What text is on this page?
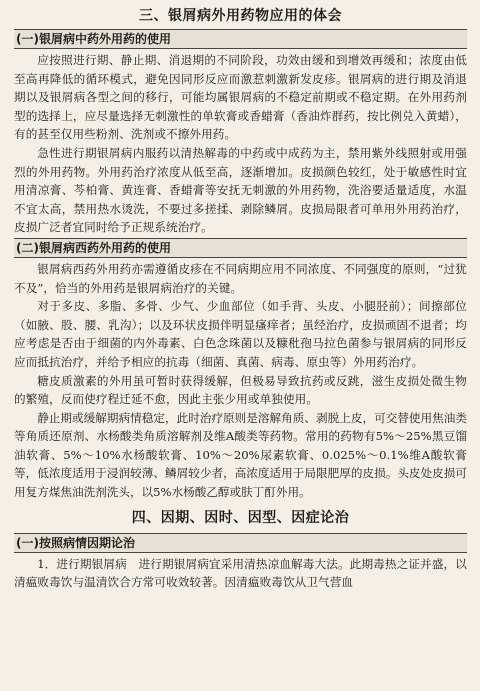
三、银屑病外用药物应用的体会
(一)银屑病中药外用药的使用

应按照进行期、静止期、消退期的不同阶段，功效由缓和到增效再缓和；浓度由低至高再降低的循环模式，避免因同形反应而激惹刺激新发皮疹。银屑病的进行期及消退期以及银屑病各型之间的移行，可能均属银屑病的不稳定前期或不稳定期。在外用药剂型的选择上，应尽量选择无刺激性的单软膏或香蜡膏（香油炸群药，按比例兑入黄蜡），有的甚至仅用些粉剂、洗剂或不擦外用药。

急性进行期银屑病内服药以清热解毒的中药或中成药为主，禁用紫外线照射或用强烈的外用药物。外用药治疗浓度从低至高，逐渐增加。皮损颜色较红，处于敏感性时宜用清凉膏、芩柏膏、黄连膏、香蜡膏等安抚无刺激的外用药物，洗浴要适量适度，水温不宜太高，禁用热水烫洗，不要过多搓揉、剥除鳞屑。皮损局限者可单用外用药治疗，皮损广泛者宜同时给予正规系统治疗。

(二)银屑病西药外用药的使用

银屑病西药外用药亦需遵循皮疹在不同病期应用不同浓度、不同强度的原则，“过犹不及”，恰当的外用药是银屑病治疗的关键。

对于多皮、多脂、多骨、少气、少血部位（如手背、头皮、小腿胫前）；间擦部位（如腋、股、腰、乳沟）；以及环状皮损伴明显瘙痒者；虽经治疗，皮损顽固不退者；均应考虑是否由于细菌的内外毒素、白色念珠菌以及糠秕孢马拉色菌参与银屑病的同形反应而抵抗治疗，并给予相应的抗毒（细菌、真菌、病毒、原虫等）外用药治疗。

糖皮质激素的外用虽可暂时获得缓解，但极易导致抗药或反跳，滋生皮损处微生物的繁殖，反而使疗程迁延不愈，因此主张少用或单独使用。

静止期或缓解期病情稳定，此时治疗原则是溶解角质、剥脱上皮，可交替使用焦油类等角质还原剂、水杨酸类角质溶解剂及维A酸类等药物。常用的药物有5%～25%黑豆馏油软膏、5%～10%水杨酸软膏、10%～20%尿素软膏、0.025%～0.1%维A酸软膏等，低浓度适用于浸润较薄、鳞屑较少者，高浓度适用于局限肥厚的皮损。头皮处皮损可用复方煤焦油洗剂洗头，以5%水杨酸乙醇或肤丁酊外用。

四、因期、因时、因型、因症论治
(一)按照病情因期论治

1．进行期银屑病　进行期银屑病宜采用清热凉血解毒大法。此期毒热之证并盛，以清瘟败毒饮与温清饮合方常可收效较著。因清瘟败毒饮从卫气营血
